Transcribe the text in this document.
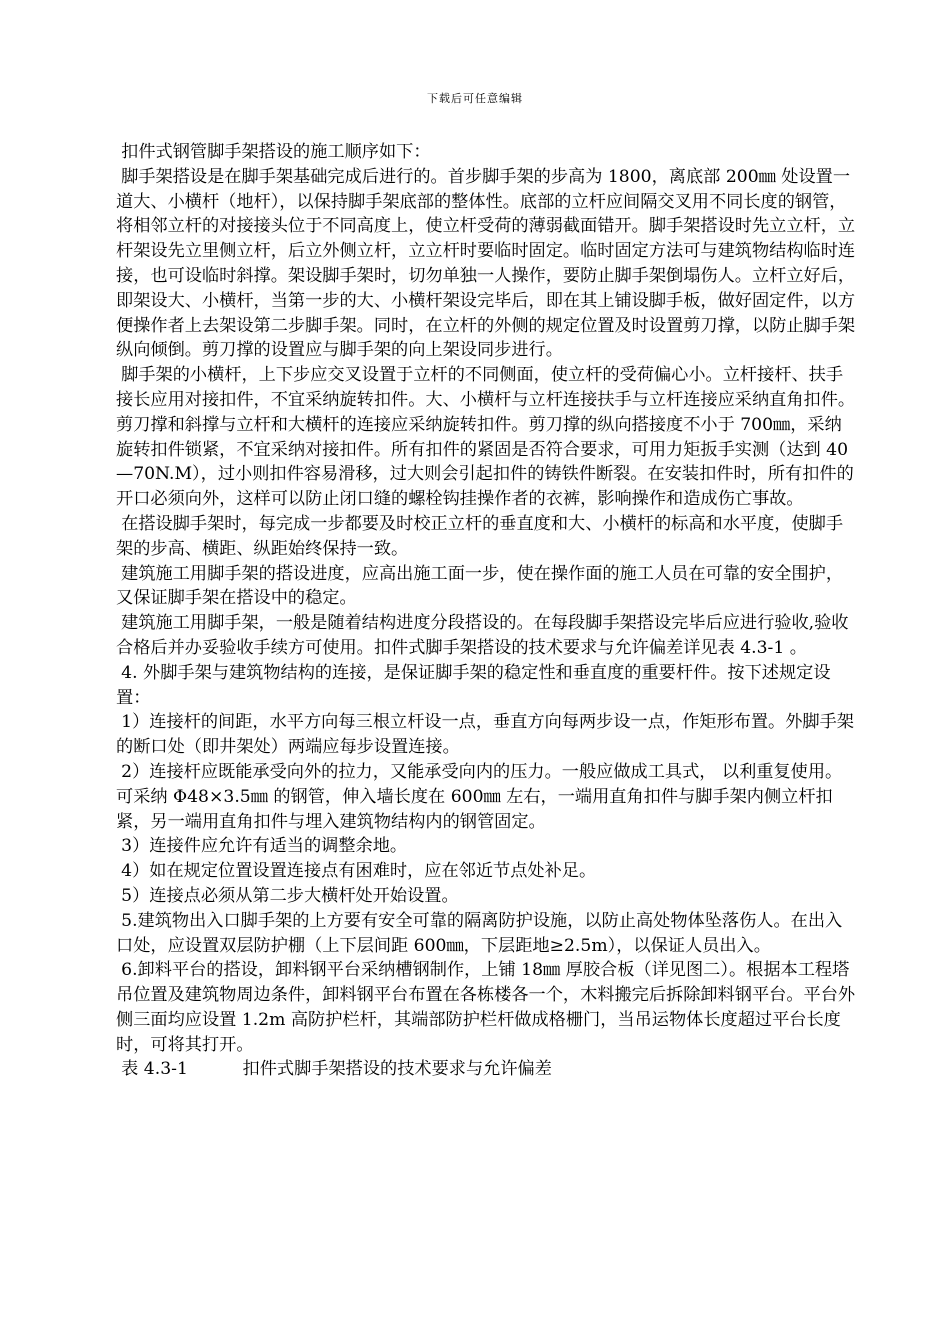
下载后可任意编辑

扣件式钢管脚手架搭设的施工顺序如下：

脚手架搭设是在脚手架基础完成后进行的。首步脚手架的步高为 1800，离底部 200㎜ 处设置一道大、小横杆（地杆），以保持脚手架底部的整体性。底部的立杆应间隔交叉用不同长度的钢管，将相邻立杆的对接接头位于不同高度上，使立杆受荷的薄弱截面错开。脚手架搭设时先立立杆，立杆架设先立里侧立杆，后立外侧立杆，立立杆时要临时固定。临时固定方法可与建筑物结构临时连接，也可设临时斜撑。架设脚手架时，切勿单独一人操作，要防止脚手架倒塌伤人。立杆立好后，即架设大、小横杆，当第一步的大、小横杆架设完毕后，即在其上铺设脚手板，做好固定件，以方便操作者上去架设第二步脚手架。同时，在立杆的外侧的规定位置及时设置剪刀撑，以防止脚手架纵向倾倒。剪刀撑的设置应与脚手架的向上架设同步进行。

脚手架的小横杆，上下步应交叉设置于立杆的不同侧面，使立杆的受荷偏心小。立杆接杆、扶手接长应用对接扣件，不宜采纳旋转扣件。大、小横杆与立杆连接扶手与立杆连接应采纳直角扣件。剪刀撑和斜撑与立杆和大横杆的连接应采纳旋转扣件。剪刀撑的纵向搭接度不小于 700㎜，采纳旋转扣件锁紧，不宜采纳对接扣件。所有扣件的紧固是否符合要求，可用力矩扳手实测（达到 40—70N.M），过小则扣件容易滑移，过大则会引起扣件的铸铁件断裂。在安装扣件时，所有扣件的开口必须向外，这样可以防止闭口缝的螺栓钩挂操作者的衣裤，影响操作和造成伤亡事故。

在搭设脚手架时，每完成一步都要及时校正立杆的垂直度和大、小横杆的标高和水平度，使脚手架的步高、横距、纵距始终保持一致。

建筑施工用脚手架的搭设进度，应高出施工面一步，使在操作面的施工人员在可靠的安全围护，又保证脚手架在搭设中的稳定。

建筑施工用脚手架，一般是随着结构进度分段搭设的。在每段脚手架搭设完毕后应进行验收,验收合格后并办妥验收手续方可使用。扣件式脚手架搭设的技术要求与允许偏差详见表 4.3-1 。

4. 外脚手架与建筑物结构的连接，是保证脚手架的稳定性和垂直度的重要杆件。按下述规定设置：

1）连接杆的间距，水平方向每三根立杆设一点，垂直方向每两步设一点，作矩形布置。外脚手架的断口处（即井架处）两端应每步设置连接。

2）连接杆应既能承受向外的拉力，又能承受向内的压力。一般应做成工具式， 以利重复使用。可采纳 Φ48×3.5㎜ 的钢管，伸入墙长度在 600㎜ 左右，一端用直角扣件与脚手架内侧立杆扣紧，另一端用直角扣件与埋入建筑物结构内的钢管固定。

3）连接件应允许有适当的调整余地。

4）如在规定位置设置连接点有困难时，应在邻近节点处补足。

5）连接点必须从第二步大横杆处开始设置。

5.建筑物出入口脚手架的上方要有安全可靠的隔离防护设施，以防止高处物体坠落伤人。在出入口处，应设置双层防护棚（上下层间距 600㎜，下层距地≥2.5m），以保证人员出入。

6.卸料平台的搭设，卸料钢平台采纳槽钢制作，上铺 18㎜ 厚胶合板（详见图二）。根据本工程塔吊位置及建筑物周边条件，卸料钢平台布置在各栋楼各一个，木料搬完后拆除卸料钢平台。平台外侧三面均应设置 1.2m 高防护栏杆，其端部防护栏杆做成格栅门，当吊运物体长度超过平台长度时，可将其打开。

表 4.3-1          扣件式脚手架搭设的技术要求与允许偏差
